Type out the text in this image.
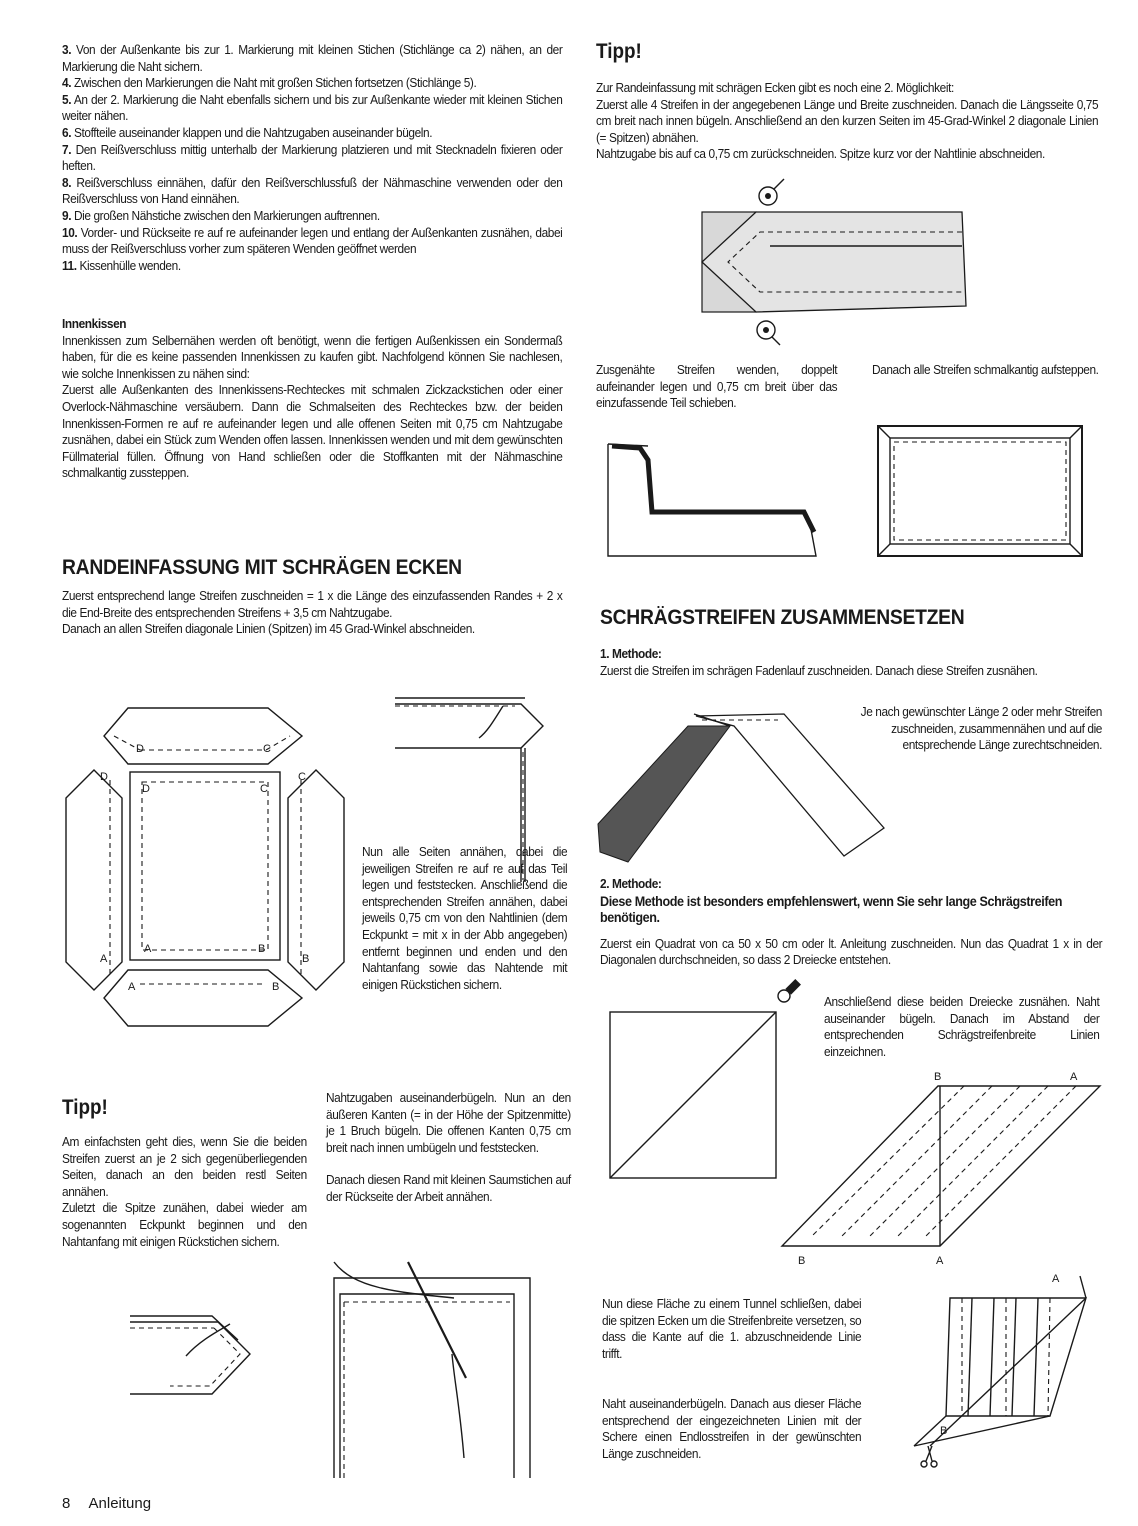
3. Von der Außenkante bis zur 1. Markierung mit kleinen Stichen (Stichlänge ca 2) nähen, an der Markierung die Naht sichern.

4. Zwischen den Markierungen die Naht mit großen Stichen fortsetzen (Stichlänge 5).

5. An der 2. Markierung die Naht ebenfalls sichern und bis zur Außenkante wieder mit kleinen Stichen weiter nähen.

6. Stoffteile auseinander klappen und die Nahtzugaben auseinander bügeln.

7. Den Reißverschluss mittig unterhalb der Markierung platzieren und mit Stecknadeln fixieren oder heften.

8. Reißverschluss einnähen, dafür den Reißverschlussfuß der Nähmaschine verwenden oder den Reißverschluss von Hand einnähen.

9. Die großen Nähstiche zwischen den Markierungen auftrennen.

10. Vorder- und Rückseite re auf re aufeinander legen und entlang der Außenkanten zusnähen, dabei muss der Reißverschluss vorher zum späteren Wenden geöffnet werden

11. Kissenhülle wenden.

Innenkissen

Innenkissen zum Selbernähen werden oft benötigt, wenn die fertigen Außenkissen ein Sondermaß haben, für die es keine passenden Innenkissen zu kaufen gibt. Nachfolgend können Sie nachlesen, wie solche Innenkissen zu nähen sind:

Zuerst alle Außenkanten des Innenkissens-Rechteckes mit schmalen Zickzackstichen oder einer Overlock-Nähmaschine versäubern. Dann die Schmalseiten des Rechteckes bzw. der beiden Innenkissen-Formen re auf re aufeinander legen und alle offenen Seiten mit 0,75 cm Nahtzugabe zusnähen, dabei ein Stück zum Wenden offen lassen. Innenkissen wenden und mit dem gewünschten Füllmaterial füllen. Öffnung von Hand schließen oder die Stoffkanten mit der Nähmaschine schmalkantig zussteppen.

RANDEINFASSUNG MIT SCHRÄGEN ECKEN

Zuerst entsprechend lange Streifen zuschneiden = 1 x die Länge des einzufassenden Randes + 2 x die End-Breite des entsprechenden Streifens + 3,5 cm Nahtzugabe.

Danach an allen Streifen diagonale Linien (Spitzen) im 45 Grad-Winkel abschneiden.

D	C
D
D	C
C
A	B
A	B
A	B
Nun alle Seiten annähen, dabei die jeweiligen Streifen re auf re auf das Teil legen und feststecken. Anschließend die entsprechenden Streifen annähen, dabei jeweils 0,75 cm von den Nahtlinien (dem Eckpunkt = mit x in der Abb angegeben) entfernt beginnen und enden und den Nahtanfang sowie das Nahtende mit einigen Rückstichen sichern.
Tipp!

Am einfachsten geht dies, wenn Sie die beiden Streifen zuerst an je 2 sich gegenüberliegenden Seiten, danach an den beiden restl Seiten annähen.

Zuletzt die Spitze zunähen, dabei wieder am sogenannten Eckpunkt beginnen und den Nahtanfang mit einigen Rückstichen sichern.

Nahtzugaben auseinanderbügeln. Nun an den äußeren Kanten (= in der Höhe der Spitzenmitte) je 1 Bruch bügeln. Die offenen Kanten 0,75 cm breit nach innen umbügeln und feststecken.

Danach diesen Rand mit kleinen Saumstichen auf der Rückseite der Arbeit annähen.

Tipp!

Zur Randeinfassung mit schrägen Ecken gibt es noch eine 2. Möglichkeit:

Zuerst alle 4 Streifen in der angegebenen Länge und Breite zuschneiden. Danach die Längsseite 0,75 cm breit nach innen bügeln. Anschließend an den kurzen Seiten im 45-Grad-Winkel 2 diagonale Linien (= Spitzen) abnähen.

Nahtzugabe bis auf ca 0,75 cm zurückschneiden. Spitze kurz vor der Nahtlinie abschneiden.

Zusgenähte Streifen wenden, doppelt aufeinander legen und 0,75 cm breit über das einzufassende Teil schieben.
Danach alle Streifen schmalkantig aufsteppen.
SCHRÄGSTREIFEN ZUSAMMENSETZEN

1. Methode:

Zuerst die Streifen im schrägen Fadenlauf zuschneiden. Danach diese Streifen zusnähen.

Je nach gewünschter Länge 2 oder mehr Streifen zuschneiden, zusammennähen und auf die entsprechende Länge zurechtschneiden.

2. Methode:

Diese Methode ist besonders empfehlenswert, wenn Sie sehr lange Schrägstreifen benötigen.

Zuerst ein Quadrat von ca 50 x 50 cm oder lt. Anleitung zuschneiden. Nun das Quadrat 1 x in der Diagonalen durchschneiden, so dass 2 Dreiecke entstehen.

Anschließend diese beiden Dreiecke zusnähen. Naht auseinander bügeln. Danach im Abstand der entsprechenden Schrägstreifenbreite Linien einzeichnen.
B	A
B	A
Nun diese Fläche zu einem Tunnel schließen, dabei die spitzen Ecken um die Streifenbreite versetzen, so dass die Kante auf die 1. abzuschneidende Linie trifft.
Naht auseinanderbügeln. Danach aus dieser Fläche entsprechend der eingezeichneten Linien mit der Schere einen Endlosstreifen in der gewünschten Länge zuschneiden.
A
B
8 Anleitung
